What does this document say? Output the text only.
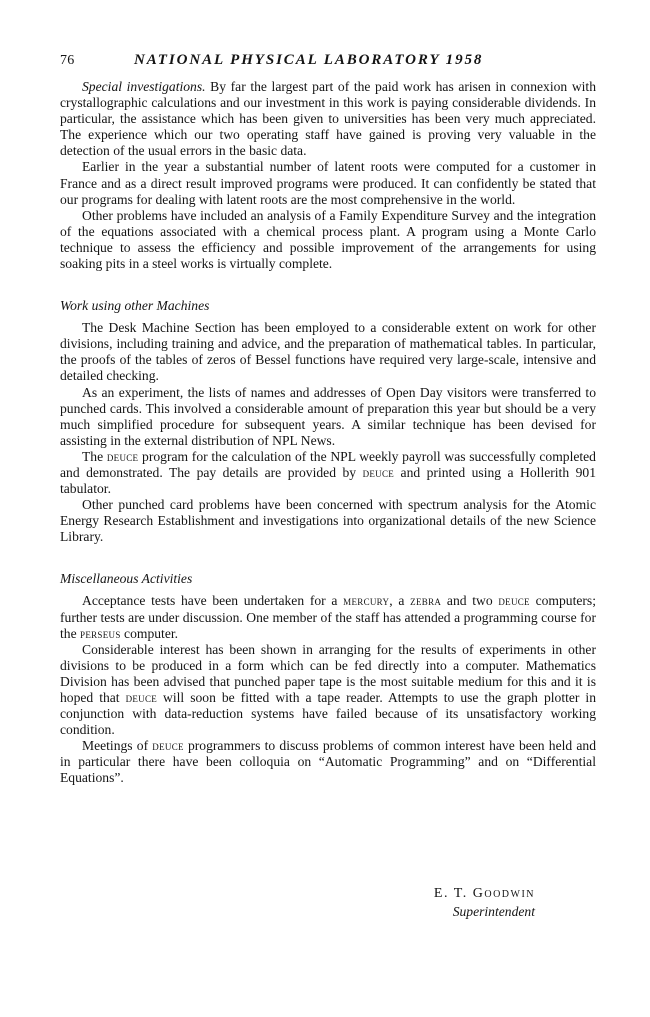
76	NATIONAL PHYSICAL LABORATORY 1958

Special investigations. By far the largest part of the paid work has arisen in connexion with crystallographic calculations and our investment in this work is paying considerable dividends. In particular, the assistance which has been given to universities has been very much appreciated. The experience which our two operating staff have gained is proving very valuable in the detection of the usual errors in the basic data.

Earlier in the year a substantial number of latent roots were computed for a customer in France and as a direct result improved programs were produced. It can confidently be stated that our programs for dealing with latent roots are the most comprehensive in the world.

Other problems have included an analysis of a Family Expenditure Survey and the integration of the equations associated with a chemical process plant. A program using a Monte Carlo technique to assess the efficiency and possible improvement of the arrangements for using soaking pits in a steel works is virtually complete.

Work using other Machines

The Desk Machine Section has been employed to a considerable extent on work for other divisions, including training and advice, and the preparation of mathematical tables. In particular, the proofs of the tables of zeros of Bessel functions have required very large-scale, intensive and detailed checking.

As an experiment, the lists of names and addresses of Open Day visitors were transferred to punched cards. This involved a considerable amount of preparation this year but should be a very much simplified procedure for subsequent years. A similar technique has been devised for assisting in the external distribution of NPL News.

The deuce program for the calculation of the NPL weekly payroll was successfully completed and demonstrated. The pay details are provided by deuce and printed using a Hollerith 901 tabulator.

Other punched card problems have been concerned with spectrum analysis for the Atomic Energy Research Establishment and investigations into organizational details of the new Science Library.

Miscellaneous Activities

Acceptance tests have been undertaken for a mercury, a zebra and two deuce computers; further tests are under discussion. One member of the staff has attended a programming course for the perseus computer.

Considerable interest has been shown in arranging for the results of experiments in other divisions to be produced in a form which can be fed directly into a computer. Mathematics Division has been advised that punched paper tape is the most suitable medium for this and it is hoped that deuce will soon be fitted with a tape reader. Attempts to use the graph plotter in conjunction with data-reduction systems have failed because of its unsatisfactory working condition.

Meetings of deuce programmers to discuss problems of common interest have been held and in particular there have been colloquia on “Automatic Programming” and on “Differential Equations”.

E. T. Goodwin
Superintendent
